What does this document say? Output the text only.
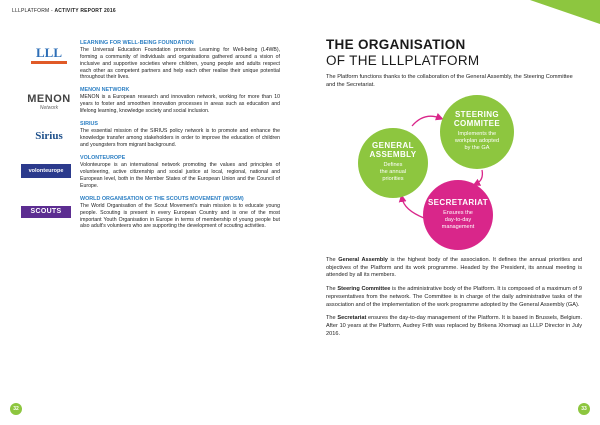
LLLPLATFORM - ACTIVITY REPORT 2016
LLL
LEARNING FOR WELL-BEING FOUNDATION
The Universal Education Foundation promotes Learning for Well-being (L4WB), forming a community of individuals and organisations gathered around a vision of inclusive and supportive societies where children, young people and adults respect each other as competent partners and help each other realise their unique potential throughout their lives.
MENON
Network
MENON NETWORK
MENON is a European research and innovation network, working for more than 10 years to foster and smoothen innovation processes in areas such as education and lifelong learning, knowledge society and social inclusion.
Sirius
SIRIUS
The essential mission of the SIRIUS policy network is to promote and enhance the knowledge transfer among stakeholders in order to improve the education of children and youngsters from migrant background.
volonteurope
VOLONTEUROPE
Volonteurope is an international network promoting the values and principles of volunteering, active citizenship and social justice at local, regional, national and European level, both in the Member States of the European Union and the Council of Europe.
SCOUTS
WORLD ORGANISATION OF THE SCOUTS MOVEMENT (WOSM)
The World Organisation of the Scout Movement's main mission is to educate young people. Scouting is present in every European Country and is one of the most important Youth Organisation in Europe in terms of membership of young people but also adult's volunteers who are supporting the development of scouting activities.
THE ORGANISATION
OF THE LLLPLATFORM
The Platform functions thanks to the collaboration of the General Assembly, the Steering Committee and the Secretariat.
GENERAL
ASSEMBLY
Defines
the annual
priorities
STEERING
COMMITEE
Implements the
workplan adopted
by the GA
SECRETARIAT
Ensures the
day-to-day
management

The General Assembly is the highest body of the association. It defines the annual priorities and objectives of the Platform and its work programme. Headed by the President, its annual meeting is attended by all its members.

The Steering Committee is the administrative body of the Platform. It is composed of a maximum of 9 representatives from the network. The Committee is in charge of the daily administrative tasks of the association and of the implementation of the work programme adopted by the General Assembly (GA).

The Secretariat ensures the day-to-day management of the Platform. It is based in Brussels, Belgium. After 10 years at the Platform, Audrey Frith was replaced by Brikena Xhomaqi as LLLP Director in July 2016.

32	33
